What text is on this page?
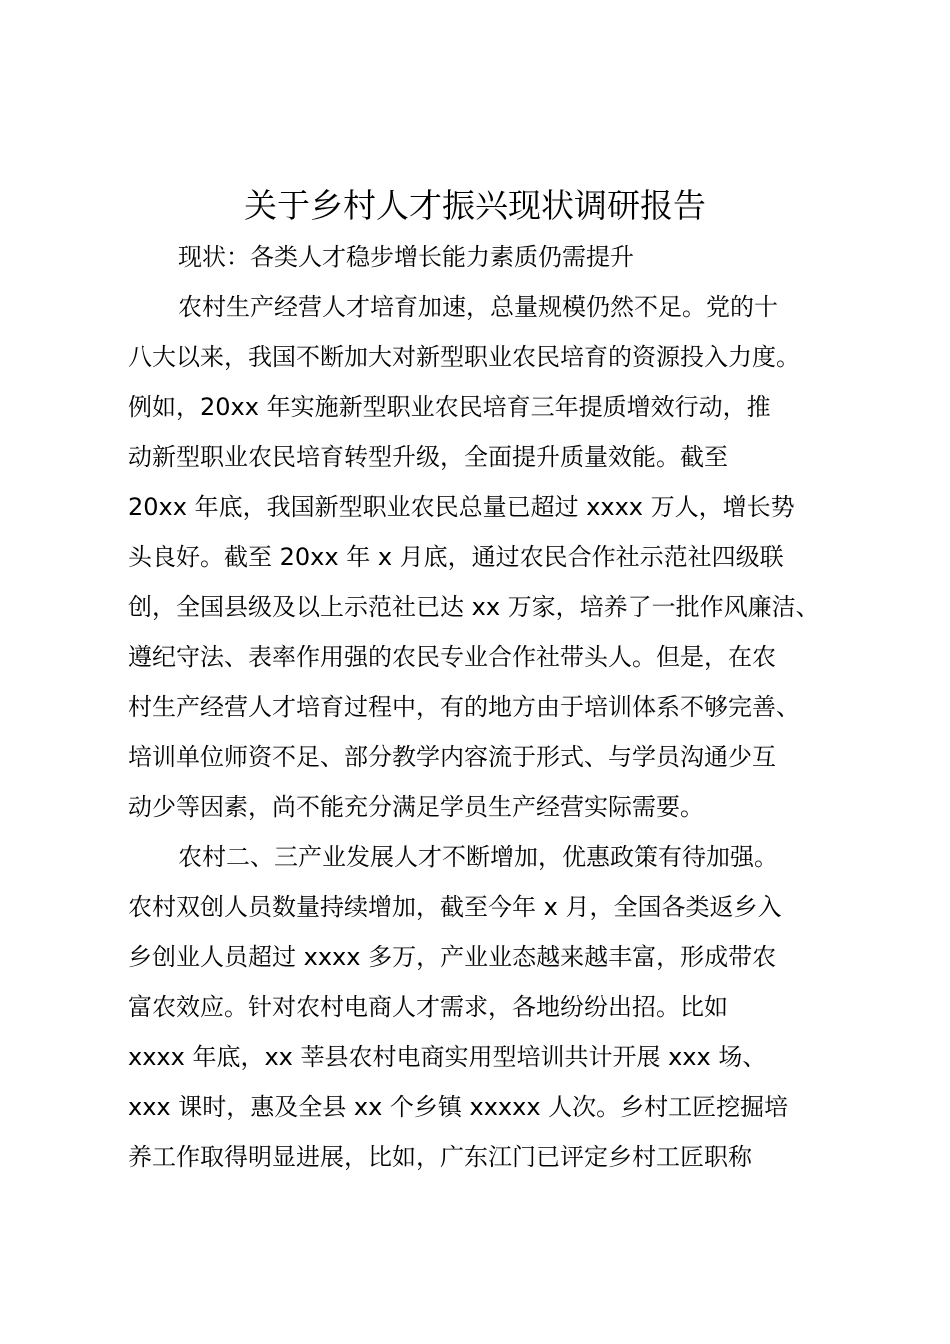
关于乡村人才振兴现状调研报告
现状：各类人才稳步增长能力素质仍需提升
农村生产经营人才培育加速，总量规模仍然不足。党的十
八大以来，我国不断加大对新型职业农民培育的资源投入力度。
例如，20xx 年实施新型职业农民培育三年提质增效行动，推
动新型职业农民培育转型升级，全面提升质量效能。截至
20xx 年底，我国新型职业农民总量已超过 xxxx 万人，增长势
头良好。截至 20xx 年 x 月底，通过农民合作社示范社四级联
创，全国县级及以上示范社已达 xx 万家，培养了一批作风廉洁、
遵纪守法、表率作用强的农民专业合作社带头人。但是，在农
村生产经营人才培育过程中，有的地方由于培训体系不够完善、
培训单位师资不足、部分教学内容流于形式、与学员沟通少互
动少等因素，尚不能充分满足学员生产经营实际需要。
农村二、三产业发展人才不断增加，优惠政策有待加强。
农村双创人员数量持续增加，截至今年 x 月，全国各类返乡入
乡创业人员超过 xxxx 多万，产业业态越来越丰富，形成带农
富农效应。针对农村电商人才需求，各地纷纷出招。比如
xxxx 年底，xx 莘县农村电商实用型培训共计开展 xxx 场、
xxx 课时，惠及全县 xx 个乡镇 xxxxx 人次。乡村工匠挖掘培
养工作取得明显进展，比如，广东江门已评定乡村工匠职称
